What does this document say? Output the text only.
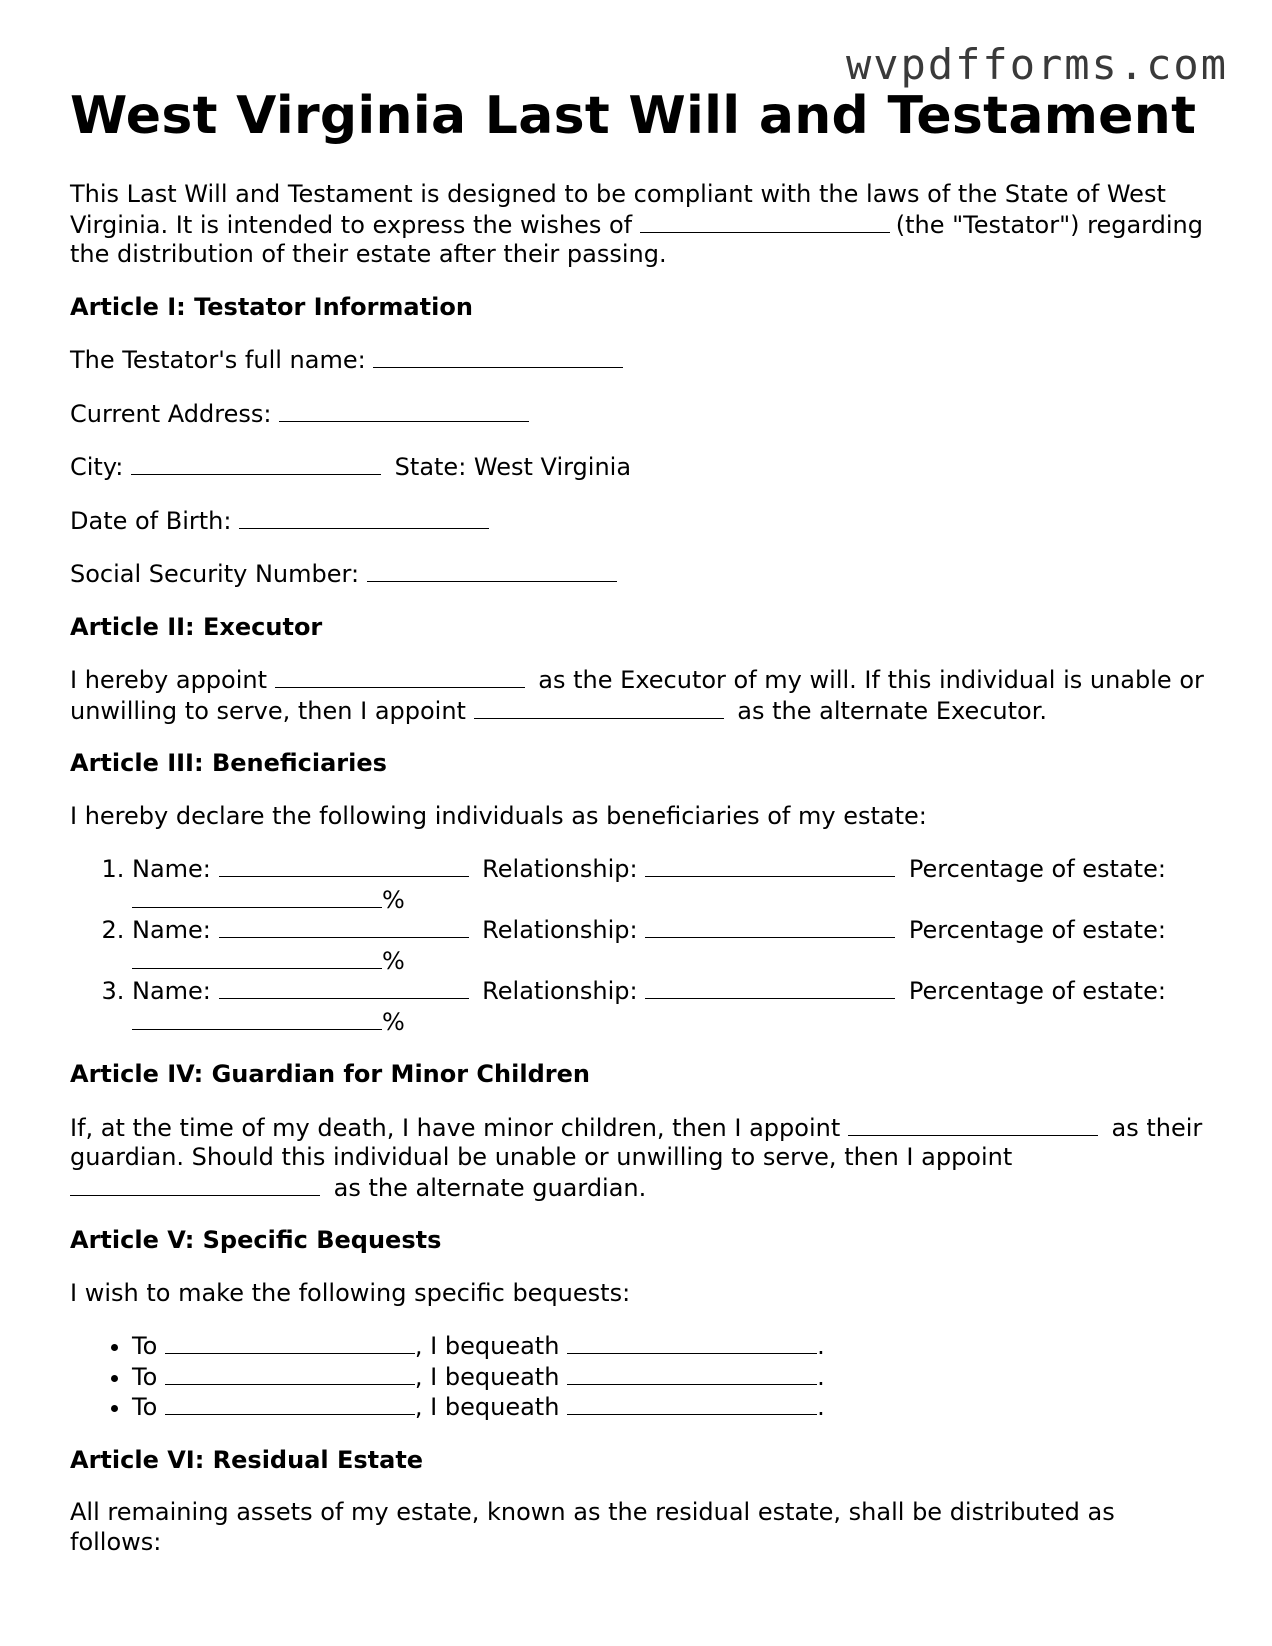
wvpdfforms.com
West Virginia Last Will and Testament

This Last Will and Testament is designed to be compliant with the laws of the State of West Virginia. It is intended to express the wishes of	(the "Testator") regarding the distribution of their estate after their passing.

Article I: Testator Information

The Testator's full name:

Current Address:

City:	State: West Virginia

Date of Birth:

Social Security Number:

Article II: Executor

I hereby appoint	as the Executor of my will. If this individual is unable or unwilling to serve, then I appoint	as the alternate Executor.

Article III: Beneficiaries

I hereby declare the following individuals as beneficiaries of my estate:

1. Name:	Relationship:	Percentage of estate:
%
2. Name:	Relationship:	Percentage of estate:
%
3. Name:	Relationship:	Percentage of estate:
%
Article IV: Guardian for Minor Children

If, at the time of my death, I have minor children, then I appoint	as their guardian. Should this individual be unable or unwilling to serve, then I appoint  as the alternate guardian.

Article V: Specific Bequests

I wish to make the following specific bequests:

• To	, I bequeath	.
• To	, I bequeath	.
• To	, I bequeath	.
Article VI: Residual Estate

All remaining assets of my estate, known as the residual estate, shall be distributed as follows:
